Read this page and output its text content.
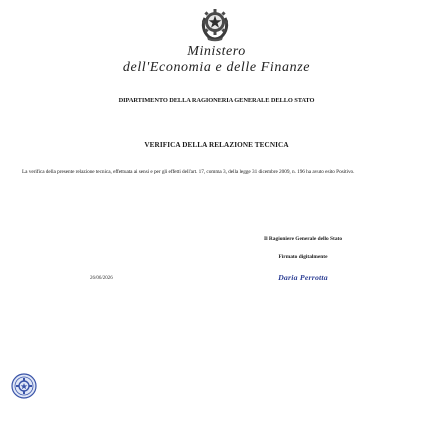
Ministero
dell'Economia e delle Finanze
DIPARTIMENTO DELLA RAGIONERIA GENERALE DELLO STATO
VERIFICA DELLA RELAZIONE TECNICA
La verifica della presente relazione tecnica, effettuata ai sensi e per gli effetti dell'art. 17, comma 3, della legge 31 dicembre 2009, n. 196 ha avuto esito Positivo.
Il Ragioniere Generale dello Stato
Firmato digitalmente
26/06/2026	Daria Perrotta
